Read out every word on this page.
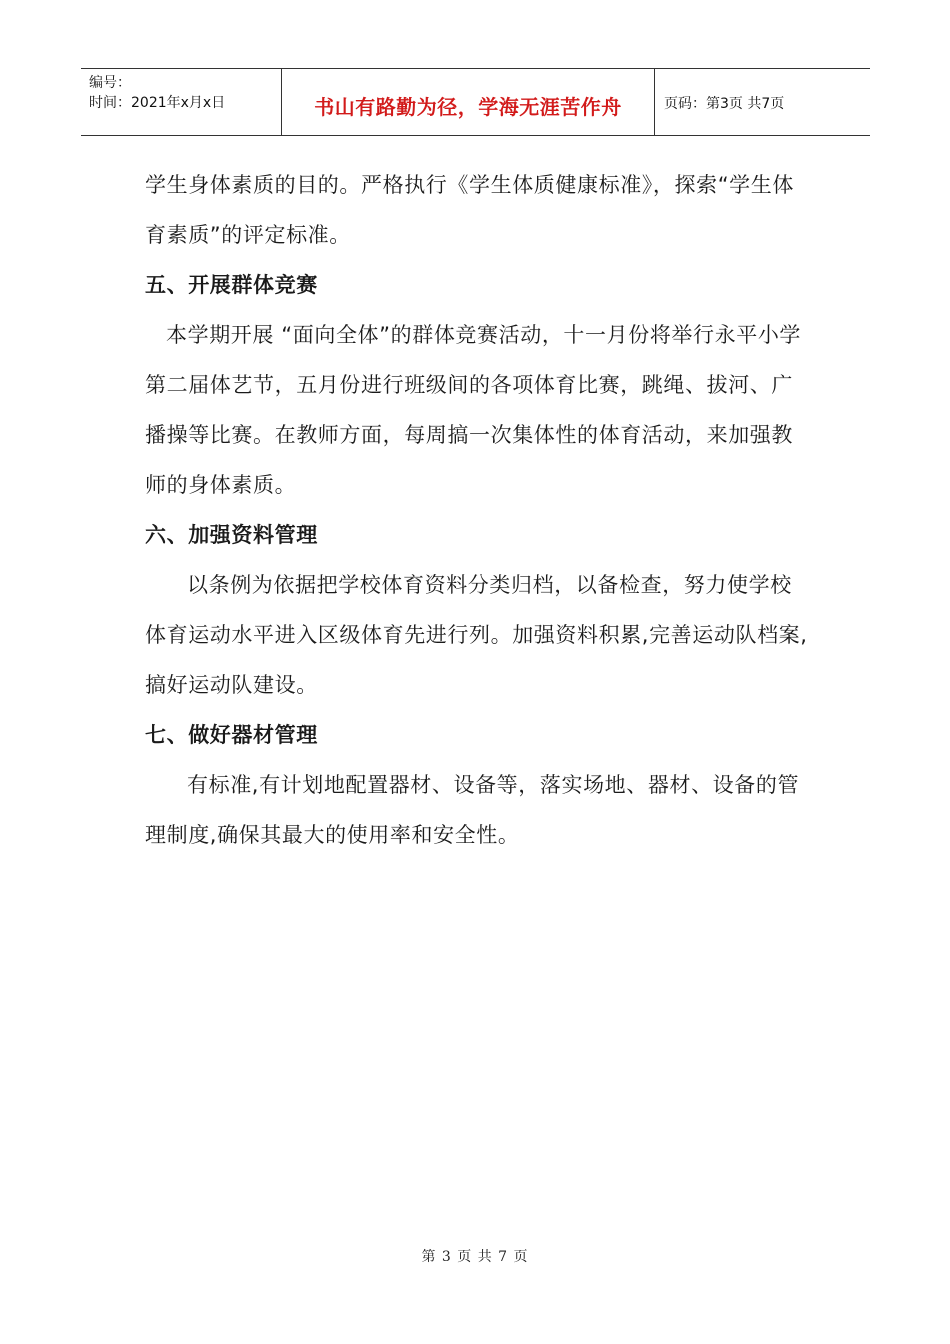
编号：
时间：2021年x月x日	书山有路勤为径，学海无涯苦作舟	页码：第3页 共7页

学生身体素质的目的。严格执行《学生体质健康标准》，探索“学生体育素质”的评定标准。

五、开展群体竞赛

本学期开展 “面向全体”的群体竞赛活动，十一月份将举行永平小学第二届体艺节，五月份进行班级间的各项体育比赛，跳绳、拔河、广播操等比赛。在教师方面，每周搞一次集体性的体育活动，来加强教师的身体素质。

六、加强资料管理

以条例为依据把学校体育资料分类归档，以备检查，努力使学校体育运动水平进入区级体育先进行列。加强资料积累,完善运动队档案,搞好运动队建设。

七、做好器材管理

有标准,有计划地配置器材、设备等，落实场地、器材、设备的管理制度,确保其最大的使用率和安全性。

第 3 页 共 7 页
